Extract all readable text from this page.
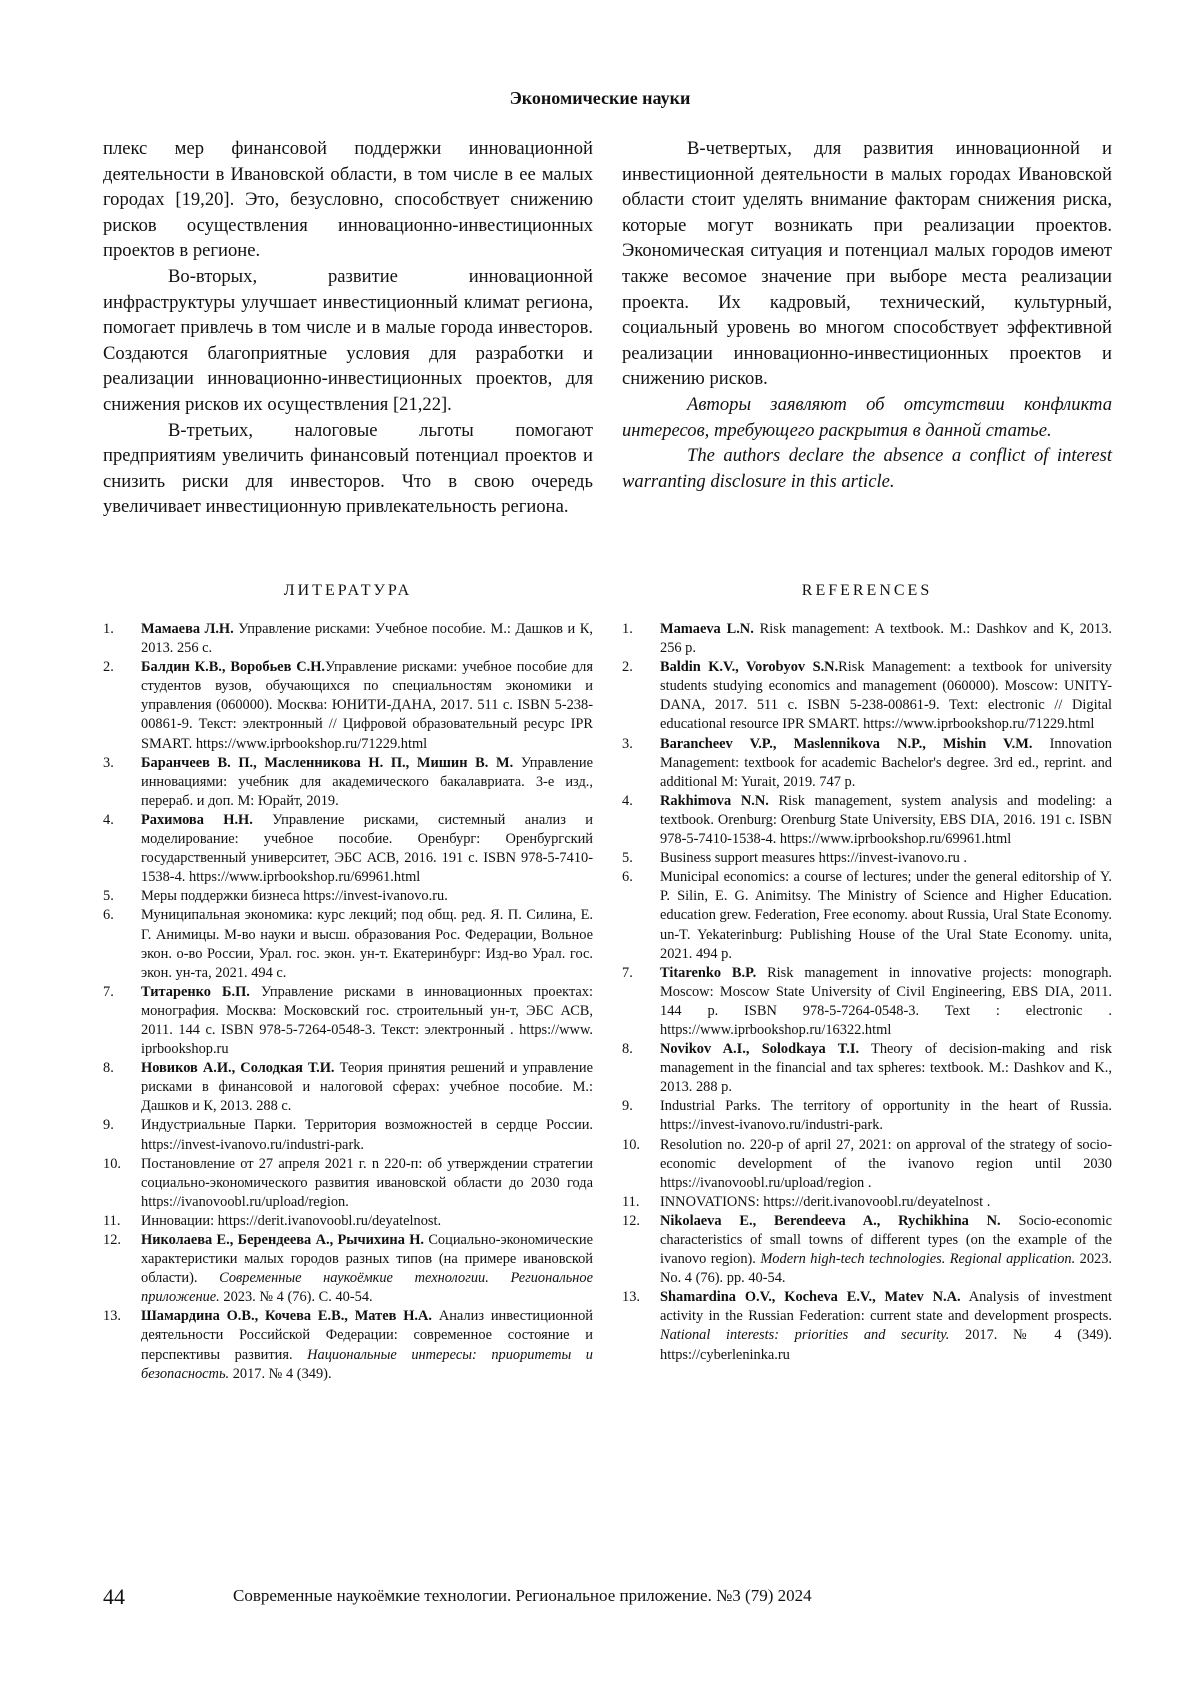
Экономические науки

плекс мер финансовой поддержки инновационной деятельности в Ивановской области, в том числе в ее малых городах [19,20]. Это, безусловно, способствует снижению рисков осуществления инновационно-инвестиционных проектов в регионе.

Во-вторых, развитие инновационной инфраструктуры улучшает инвестиционный климат региона, помогает привлечь в том числе и в малые города инвесторов. Создаются благоприятные условия для разработки и реализации инновационно-инвестиционных проектов, для снижения рисков их осуществления [21,22].

В-третьих, налоговые льготы помогают предприятиям увеличить финансовый потенциал проектов и снизить риски для инвесторов. Что в свою очередь увеличивает инвестиционную привлекательность региона.

В-четвертых, для развития инновационной и инвестиционной деятельности в малых городах Ивановской области стоит уделять внимание факторам снижения риска, которые могут возникать при реализации проектов. Экономическая ситуация и потенциал малых городов имеют также весомое значение при выборе места реализации проекта. Их кадровый, технический, культурный, социальный уровень во многом способствует эффективной реализации инновационно-инвестиционных проектов и снижению рисков.

Авторы заявляют об отсутствии конфликта интересов, требующего раскрытия в данной статье.

The authors declare the absence a conflict of interest warranting disclosure in this article.

ЛИТЕРАТУРА	REFERENCES
1. Мамаева Л.Н. Управление рисками: Учебное пособие. М.: Дашков и К, 2013. 256 с.
2. Балдин К.В., Воробьев С.Н.Управление рисками: учебное пособие для студентов вузов, обучающихся по специальностям экономики и управления (060000). Москва: ЮНИТИ-ДАНА, 2017. 511 c. ISBN 5-238-00861-9. Текст: электронный // Цифровой образовательный ресурс IPR SMART. https://www.iprbookshop.ru/71229.html
3. Баранчеев В. П., Масленникова Н. П., Мишин В. М. Управление инновациями: учебник для академического бакалавриата. 3-е изд., перераб. и доп. М: Юрайт, 2019.
4. Рахимова Н.Н. Управление рисками, системный анализ и моделирование: учебное пособие. Оренбург: Оренбургский государственный университет, ЭБС АСВ, 2016. 191 c. ISBN 978-5-7410-1538-4. https://www.iprbookshop.ru/69961.html
5. Меры поддержки бизнеса https://invest-ivanovo.ru.
6. Муниципальная экономика: курс лекций; под общ. ред. Я. П. Силина, Е. Г. Анимицы. М-во науки и высш. образования Рос. Федерации, Вольное экон. о-во России, Урал. гос. экон. ун-т. Екатеринбург: Изд-во Урал. гос. экон. ун-та, 2021. 494 с.
7. Титаренко Б.П. Управление рисками в инновационных проектах: монография. Москва: Московский гос. строительный ун-т, ЭБС АСВ, 2011. 144 c. ISBN 978-5-7264-0548-3. Текст: электронный . https://www. iprbookshop.ru
8. Новиков А.И., Солодкая Т.И. Теория принятия решений и управление рисками в финансовой и налоговой сферах: учебное пособие. М.: Дашков и К, 2013. 288 с.
9. Индустриальные Парки. Территория возможностей в сердце России. https://invest-ivanovo.ru/industri-park.
10. Постановление от 27 апреля 2021 г. n 220-п: об утверждении стратегии социально-экономического развития ивановской области до 2030 года https://ivanovoobl.ru/upload/region.
11. Инновации: https://derit.ivanovoobl.ru/deyatelnost.
12. Николаева Е., Берендеева А., Рычихина Н. Социально-экономические характеристики малых городов разных типов (на примере ивановской области). Современные наукоёмкие технологии. Региональное приложение. 2023. № 4 (76). С. 40-54.
13. Шамардина О.В., Кочева Е.В., Матев Н.А. Анализ инвестиционной деятельности Российской Федерации: современное состояние и перспективы развития. Национальные интересы: приоритеты и безопасность. 2017. № 4 (349).
1. Mamaeva L.N. Risk management: A textbook. M.: Dashkov and K, 2013. 256 p.
2. Baldin K.V., Vorobyov S.N.Risk Management: a textbook for university students studying economics and management (060000). Moscow: UNITY-DANA, 2017. 511 c. ISBN 5-238-00861-9. Text: electronic // Digital educational resource IPR SMART. https://www.iprbookshop.ru/71229.html
3. Barancheev V.P., Maslennikova N.P., Mishin V.M. Innovation Management: textbook for academic Bachelor's degree. 3rd ed., reprint. and additional M: Yurait, 2019. 747 p.
4. Rakhimova N.N. Risk management, system analysis and modeling: a textbook. Orenburg: Orenburg State University, EBS DIA, 2016. 191 c. ISBN 978-5-7410-1538-4. https://www.iprbookshop.ru/69961.html
5. Business support measures https://invest-ivanovo.ru .
6. Municipal economics: a course of lectures; under the general editorship of Y. P. Silin, E. G. Animitsy. The Ministry of Science and Higher Education. education grew. Federation, Free economy. about Russia, Ural State Economy. un-T. Yekaterinburg: Publishing House of the Ural State Economy. unita, 2021. 494 p.
7. Titarenko B.P. Risk management in innovative projects: monograph. Moscow: Moscow State University of Civil Engineering, EBS DIA, 2011. 144 p. ISBN 978-5-7264-0548-3. Text : electronic . https://www.iprbookshop.ru/16322.html
8. Novikov A.I., Solodkaya T.I. Theory of decision-making and risk management in the financial and tax spheres: textbook. M.: Dashkov and K., 2013. 288 p.
9. Industrial Parks. The territory of opportunity in the heart of Russia. https://invest-ivanovo.ru/industri-park.
10. Resolution no. 220-p of april 27, 2021: on approval of the strategy of socio-economic development of the ivanovo region until 2030 https://ivanovoobl.ru/upload/region .
11. INNOVATIONS: https://derit.ivanovoobl.ru/deyatelnost .
12. Nikolaeva E., Berendeeva A., Rychikhina N. Socio-economic characteristics of small towns of different types (on the example of the ivanovo region). Modern high-tech technologies. Regional application. 2023. No. 4 (76). pp. 40-54.
13. Shamardina O.V., Kocheva E.V., Matev N.A. Analysis of investment activity in the Russian Federation: current state and development prospects. National interests: priorities and security. 2017. № 4 (349). https://cyberleninka.ru
44	Современные наукоёмкие технологии. Региональное приложение. №3 (79) 2024
